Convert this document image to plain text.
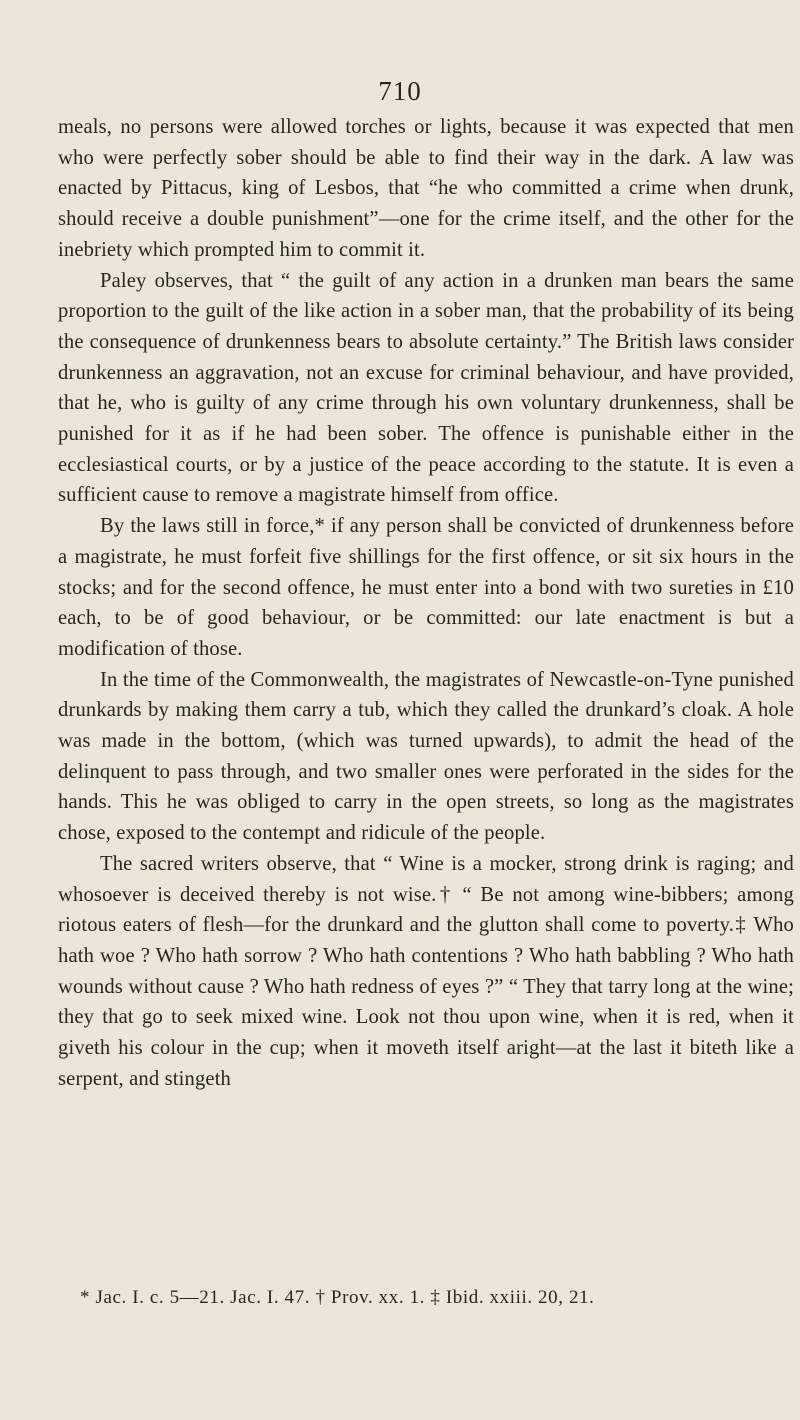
710

meals, no persons were allowed torches or lights, because it was expected that men who were perfectly sober should be able to find their way in the dark. A law was enacted by Pittacus, king of Lesbos, that “he who committed a crime when drunk, should receive a double punishment”—one for the crime itself, and the other for the inebriety which prompted him to commit it.

Paley observes, that “ the guilt of any action in a drunken man bears the same proportion to the guilt of the like action in a sober man, that the probability of its being the consequence of drunkenness bears to absolute certainty.” The British laws consider drunkenness an aggravation, not an excuse for criminal behaviour, and have provided, that he, who is guilty of any crime through his own voluntary drunkenness, shall be punished for it as if he had been sober. The offence is punishable either in the ecclesiastical courts, or by a justice of the peace according to the statute. It is even a sufficient cause to remove a magistrate himself from office.

By the laws still in force,* if any person shall be convicted of drunkenness before a magistrate, he must forfeit five shillings for the first offence, or sit six hours in the stocks; and for the second offence, he must enter into a bond with two sureties in £10 each, to be of good behaviour, or be committed: our late enactment is but a modification of those.

In the time of the Commonwealth, the magistrates of Newcastle-on-Tyne punished drunkards by making them carry a tub, which they called the drunkard’s cloak. A hole was made in the bottom, (which was turned upwards), to admit the head of the delinquent to pass through, and two smaller ones were perforated in the sides for the hands. This he was obliged to carry in the open streets, so long as the magistrates chose, exposed to the contempt and ridicule of the people.

The sacred writers observe, that “ Wine is a mocker, strong drink is raging; and whosoever is deceived thereby is not wise.† “ Be not among wine-bibbers; among riotous eaters of flesh—for the drunkard and the glutton shall come to poverty.‡ Who hath woe ? Who hath sorrow ? Who hath contentions ? Who hath babbling ? Who hath wounds without cause ? Who hath redness of eyes ?” “ They that tarry long at the wine; they that go to seek mixed wine. Look not thou upon wine, when it is red, when it giveth his colour in the cup; when it moveth itself aright—at the last it biteth like a serpent, and stingeth

* Jac. I. c. 5—21. Jac. I. 47. † Prov. xx. 1. ‡ Ibid. xxiii. 20, 21.
